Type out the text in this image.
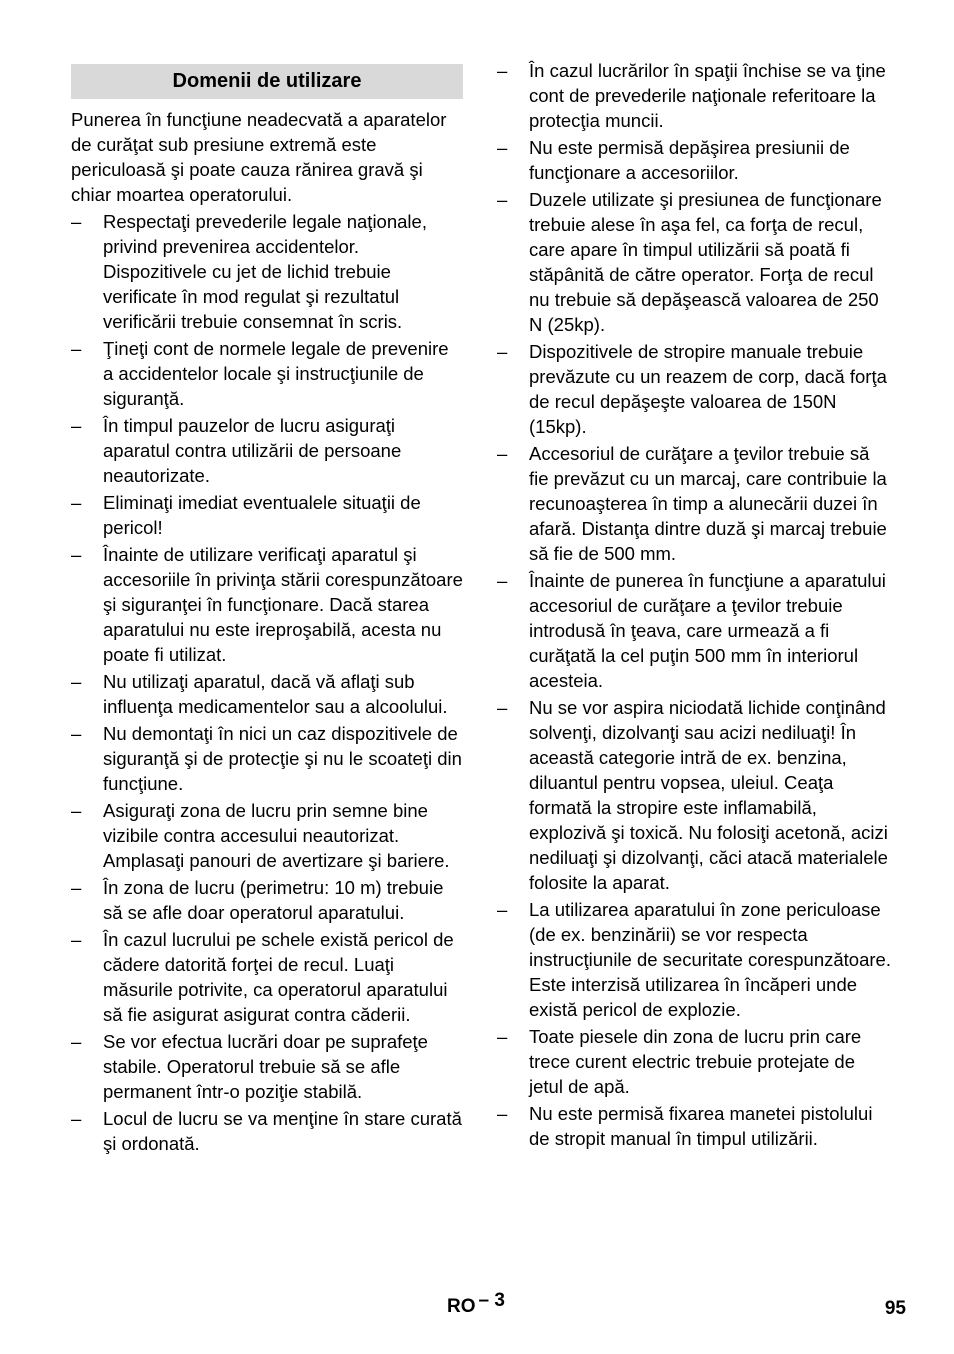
Domenii de utilizare

Punerea în funcţiune neadecvată a aparatelor de curăţat sub presiune extremă este periculoasă şi poate cauza rănirea gravă şi chiar moartea operatorului.

–	Respectaţi prevederile legale naţionale, privind prevenirea accidentelor. Dispozitivele cu jet de lichid trebuie verificate în mod regulat şi rezultatul verificării trebuie consemnat în scris.
–	Ţineţi cont de normele legale de prevenire a accidentelor locale şi instrucţiunile de siguranţă.
–	În timpul pauzelor de lucru asiguraţi aparatul contra utilizării de persoane neautorizate.
–	Eliminaţi imediat eventualele situaţii de pericol!
–	Înainte de utilizare verificaţi aparatul şi accesoriile în privinţa stării corespunzătoare şi siguranţei în funcţionare. Dacă starea aparatului nu este ireproşabilă, acesta nu poate fi utilizat.
–	Nu utilizaţi aparatul, dacă vă aflaţi sub influenţa medicamentelor sau a alcoolului.
–	Nu demontaţi în nici un caz dispozitivele de siguranţă şi de protecţie şi nu le scoateţi din funcţiune.
–	Asiguraţi zona de lucru prin semne bine vizibile contra accesului neautorizat. Amplasaţi panouri de avertizare şi bariere.
–	În zona de lucru (perimetru: 10 m) trebuie să se afle doar operatorul aparatului.
–	În cazul lucrului pe schele există pericol de cădere datorită forţei de recul. Luaţi măsurile potrivite, ca operatorul aparatului să fie asigurat asigurat contra căderii.
–	Se vor efectua lucrări doar pe suprafeţe stabile. Operatorul trebuie să se afle permanent într-o poziţie stabilă.
–	Locul de lucru se va menţine în stare curată şi ordonată.
–	În cazul lucrărilor în spaţii închise se va ţine cont de prevederile naţionale referitoare la protecţia muncii.
–	Nu este permisă depăşirea presiunii de funcţionare a accesoriilor.
–	Duzele utilizate şi presiunea de funcţionare trebuie alese în aşa fel, ca forţa de recul, care apare în timpul utilizării să poată fi stăpânită de către operator. Forţa de recul nu trebuie să depăşească valoarea de 250 N (25kp).
–	Dispozitivele de stropire manuale trebuie prevăzute cu un reazem de corp, dacă forţa de recul depăşeşte valoarea de 150N (15kp).
–	Accesoriul de curăţare a ţevilor trebuie să fie prevăzut cu un marcaj, care contribuie la recunoaşterea în timp a alunecării duzei în afară. Distanţa dintre duză şi marcaj trebuie să fie de 500 mm.
–	Înainte de punerea în funcţiune a aparatului accesoriul de curăţare a ţevilor trebuie introdusă în ţeava, care urmează a fi curăţată la cel puţin 500 mm în interiorul acesteia.
–	Nu se vor aspira niciodată lichide conţinând solvenţi, dizolvanţi sau acizi nediluaţi! În această categorie intră de ex. benzina, diluantul pentru vopsea, uleiul. Ceaţa formată la stropire este inflamabilă, explozivă şi toxică. Nu folosiţi acetonă, acizi nediluaţi şi dizolvanţi, căci atacă materialele folosite la aparat.
–	La utilizarea aparatului în zone periculoase (de ex. benzinării) se vor respecta instrucţiunile de securitate corespunzătoare. Este interzisă utilizarea în încăperi unde există pericol de explozie.
–	Toate piesele din zona de lucru prin care trece curent electric trebuie protejate de jetul de apă.
–	Nu este permisă fixarea manetei pistolului de stropit manual în timpul utilizării.
RO – 3	95
